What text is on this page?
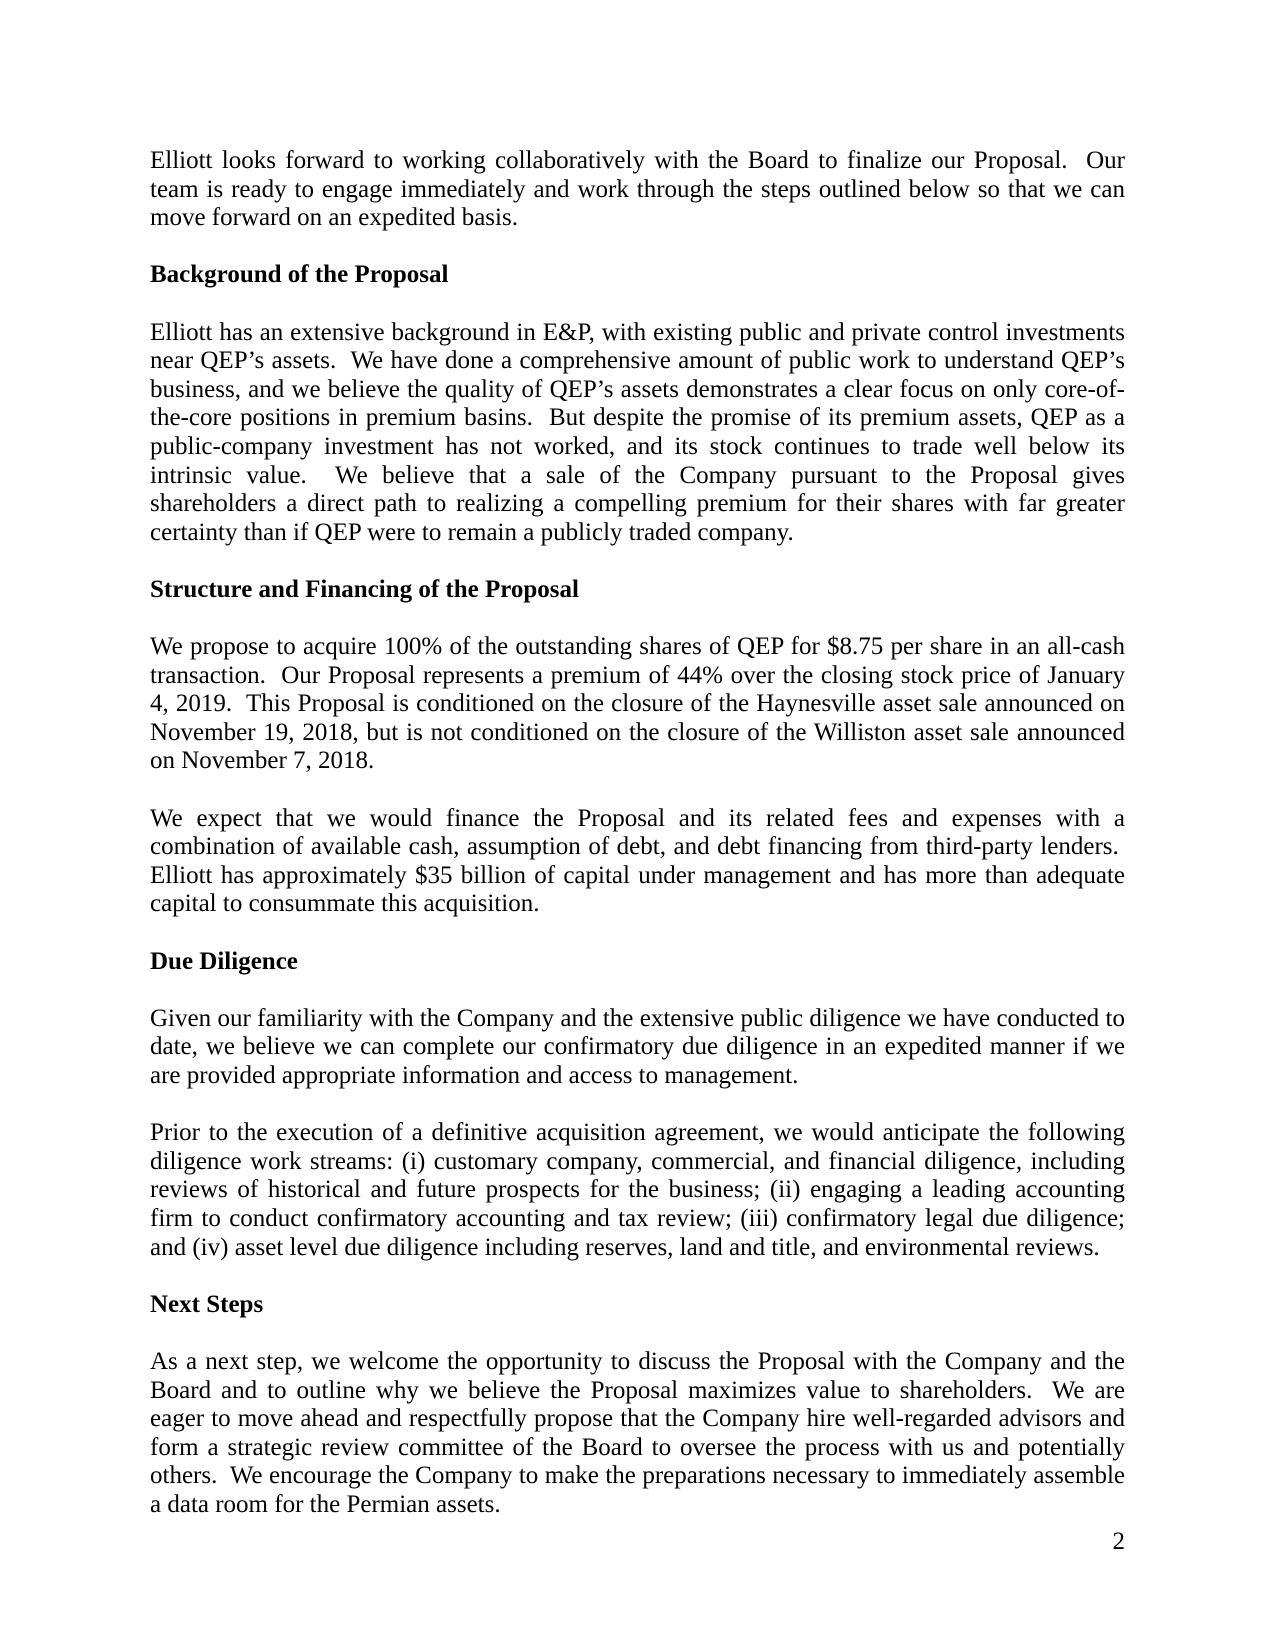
Elliott looks forward to working collaboratively with the Board to finalize our Proposal.  Our team is ready to engage immediately and work through the steps outlined below so that we can move forward on an expedited basis.

Background of the Proposal

Elliott has an extensive background in E&P, with existing public and private control investments near QEP’s assets.  We have done a comprehensive amount of public work to understand QEP’s business, and we believe the quality of QEP’s assets demonstrates a clear focus on only core-of-the-core positions in premium basins.  But despite the promise of its premium assets, QEP as a public-company investment has not worked, and its stock continues to trade well below its intrinsic value.  We believe that a sale of the Company pursuant to the Proposal gives shareholders a direct path to realizing a compelling premium for their shares with far greater certainty than if QEP were to remain a publicly traded company.

Structure and Financing of the Proposal

We propose to acquire 100% of the outstanding shares of QEP for $8.75 per share in an all-cash transaction.  Our Proposal represents a premium of 44% over the closing stock price of January 4, 2019.  This Proposal is conditioned on the closure of the Haynesville asset sale announced on November 19, 2018, but is not conditioned on the closure of the Williston asset sale announced on November 7, 2018.

We expect that we would finance the Proposal and its related fees and expenses with a combination of available cash, assumption of debt, and debt financing from third-party lenders.  Elliott has approximately $35 billion of capital under management and has more than adequate capital to consummate this acquisition.

Due Diligence

Given our familiarity with the Company and the extensive public diligence we have conducted to date, we believe we can complete our confirmatory due diligence in an expedited manner if we are provided appropriate information and access to management.

Prior to the execution of a definitive acquisition agreement, we would anticipate the following diligence work streams: (i) customary company, commercial, and financial diligence, including reviews of historical and future prospects for the business; (ii) engaging a leading accounting firm to conduct confirmatory accounting and tax review; (iii) confirmatory legal due diligence; and (iv) asset level due diligence including reserves, land and title, and environmental reviews.

Next Steps

As a next step, we welcome the opportunity to discuss the Proposal with the Company and the Board and to outline why we believe the Proposal maximizes value to shareholders.  We are eager to move ahead and respectfully propose that the Company hire well-regarded advisors and form a strategic review committee of the Board to oversee the process with us and potentially others.  We encourage the Company to make the preparations necessary to immediately assemble a data room for the Permian assets.

2
